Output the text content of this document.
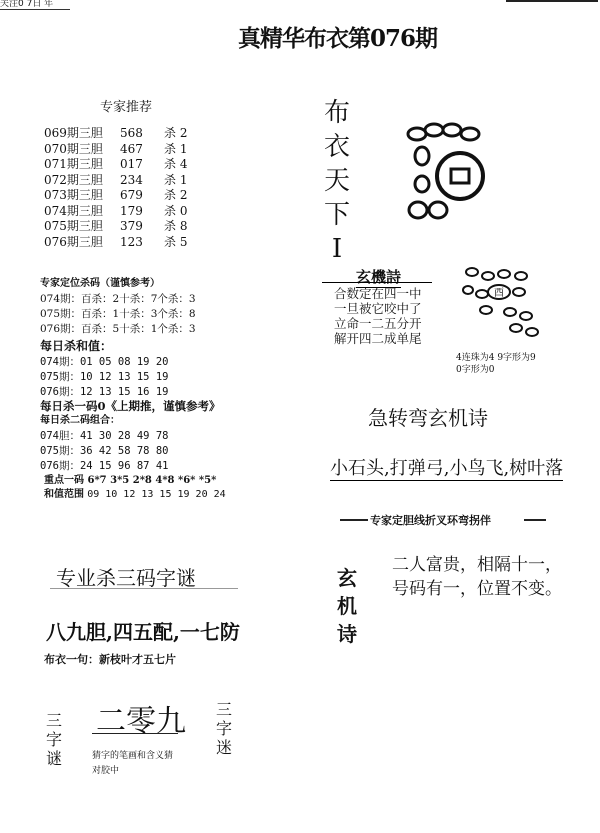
关注0 7日 年
真精华布衣第076期
专家推荐
069期三胆 568 杀 2
070期三胆 467 杀 1
071期三胆 017 杀 4
072期三胆 234 杀 1
073期三胆 679 杀 2
074期三胆 179 杀 0
075期三胆 379 杀 8
076期三胆 123 杀 5
专家定位杀码（谨慎参考）
074期：百杀：2十杀：7个杀：3
075期：百杀：1十杀：3个杀：8
076期：百杀：5十杀：1个杀：3
每日杀和值：
074期：01 05 08 19 20
075期：10 12 13 15 19
076期：12 13 15 16 19
每日杀一码0《上期推，谨慎参考》
每日杀二码组合：
074胆：41 30 28 49 78
075期：36 42 58 78 80
076期：24 15 96 87 41
重点一码 6*7 3*5 2*8 4*8 *6* *5*
和值范围 09 10 12 13 15 19 20 24
布
衣
天
下
I
玄機詩
合数定在四一中
一旦被它咬中了
立命一二五分开
解开四二成单尾
酉
4连珠为4 9字形为9
0字形为0
急转弯玄机诗
小石头,打弹弓,小鸟飞,树叶落
专家定胆线折叉环弯拐伴
玄
机
诗
二人富贵，相隔十一，
号码有一，位置不变。
专业杀三码字谜
八九胆,四五配,一七防
布衣一句：新枝叶才五七片
三
字
谜
二零九
猜字的笔画和含义猜
对胶中
三
字
迷
